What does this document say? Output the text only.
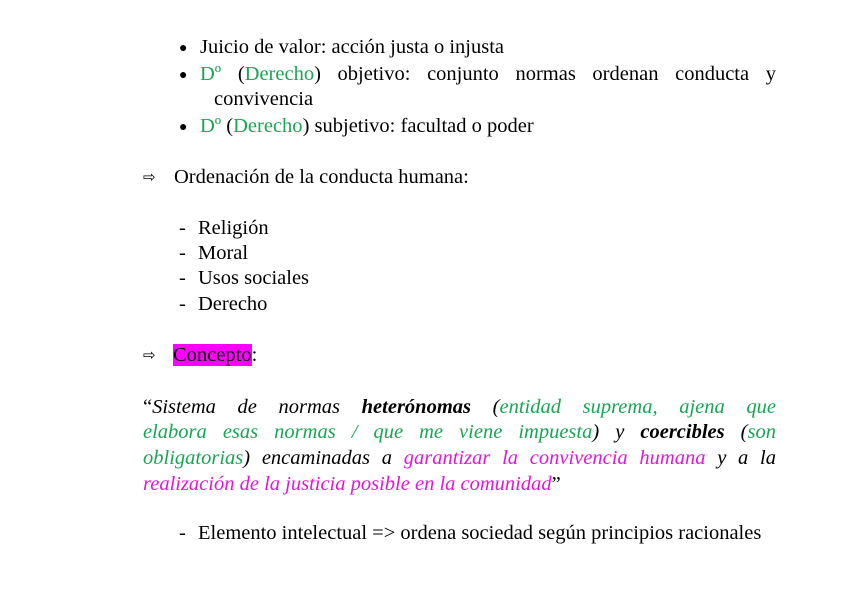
● Juicio de valor: acción justa o injusta
● Dº (Derecho) objetivo: conjunto normas ordenan conducta y
convivencia
● Dº (Derecho) subjetivo: facultad o poder
⇨ Ordenación de la conducta humana:
- Religión
- Moral
- Usos sociales
- Derecho
⇨ Concepto:
“Sistema de normas heterónomas (entidad suprema, ajena que
elabora esas normas / que me viene impuesta) y coercibles (son
obligatorias) encaminadas a garantizar la convivencia humana y a la
realización de la justicia posible en la comunidad”
- Elemento intelectual => ordena sociedad según principios racionales
